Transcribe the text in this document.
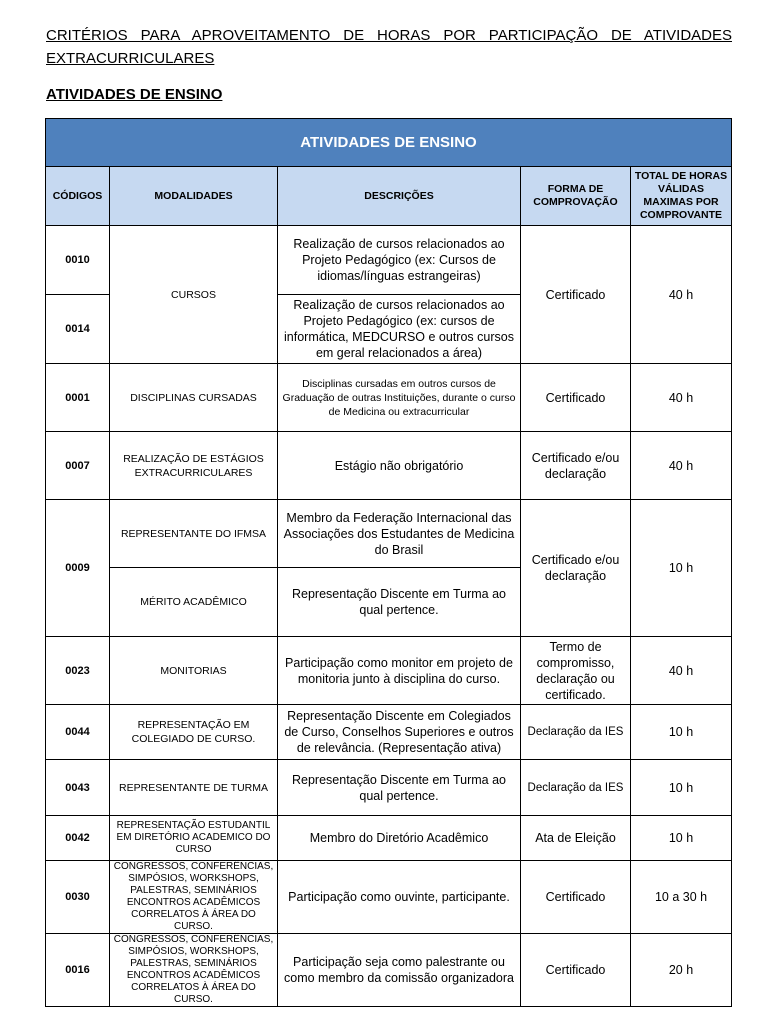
CRITÉRIOS PARA APROVEITAMENTO DE HORAS POR PARTICIPAÇÃO DE ATIVIDADES
EXTRACURRICULARES
ATIVIDADES DE ENSINO
ATIVIDADES DE ENSINO				
CÓDIGOS	MODALIDADES	DESCRIÇÕES	FORMA DE COMPROVAÇÃO	TOTAL DE HORAS VÁLIDAS MAXIMAS POR COMPROVANTE
0010	CURSOS	Realização de cursos relacionados ao Projeto Pedagógico (ex: Cursos de idiomas/línguas estrangeiras)	Certificado	40 h
0014		Realização de cursos relacionados ao Projeto Pedagógico (ex: cursos de informática, MEDCURSO e outros cursos em geral relacionados a área)		
0001	DISCIPLINAS CURSADAS	Disciplinas cursadas em outros cursos de Graduação de outras Instituições, durante o curso de Medicina ou extracurricular	Certificado	40 h
0007	REALIZAÇÃO DE ESTÁGIOS EXTRACURRICULARES	Estágio não obrigatório	Certificado e/ou declaração	40 h
0009	REPRESENTANTE DO IFMSA	Membro da Federação Internacional das Associações dos Estudantes de Medicina do Brasil	Certificado e/ou declaração	10 h
	MÉRITO ACADÊMICO	Representação Discente em Turma ao qual pertence.		
0023	MONITORIAS	Participação como monitor em projeto de monitoria junto à disciplina do curso.	Termo de compromisso, declaração ou certificado.	40 h
0044	REPRESENTAÇÃO EM COLEGIADO DE CURSO.	Representação Discente em Colegiados de Curso, Conselhos Superiores e outros de relevância. (Representação ativa)	Declaração da IES	10 h
0043	REPRESENTANTE DE TURMA	Representação Discente em Turma ao qual pertence.	Declaração da IES	10 h
0042	REPRESENTAÇÃO ESTUDANTIL EM DIRETÓRIO ACADEMICO DO CURSO	Membro do Diretório Acadêmico	Ata de Eleição	10 h
0030	CONGRESSOS, CONFERÊNCIAS, SIMPÓSIOS, WORKSHOPS, PALESTRAS, SEMINÁRIOS ENCONTROS ACADÊMICOS CORRELATOS À ÁREA DO CURSO.	Participação como ouvinte, participante.	Certificado	10 a 30 h
0016	CONGRESSOS, CONFERÊNCIAS, SIMPÓSIOS, WORKSHOPS, PALESTRAS, SEMINÁRIOS ENCONTROS ACADÊMICOS CORRELATOS À ÁREA DO CURSO.	Participação seja como palestrante ou como membro da comissão organizadora	Certificado	20 h
